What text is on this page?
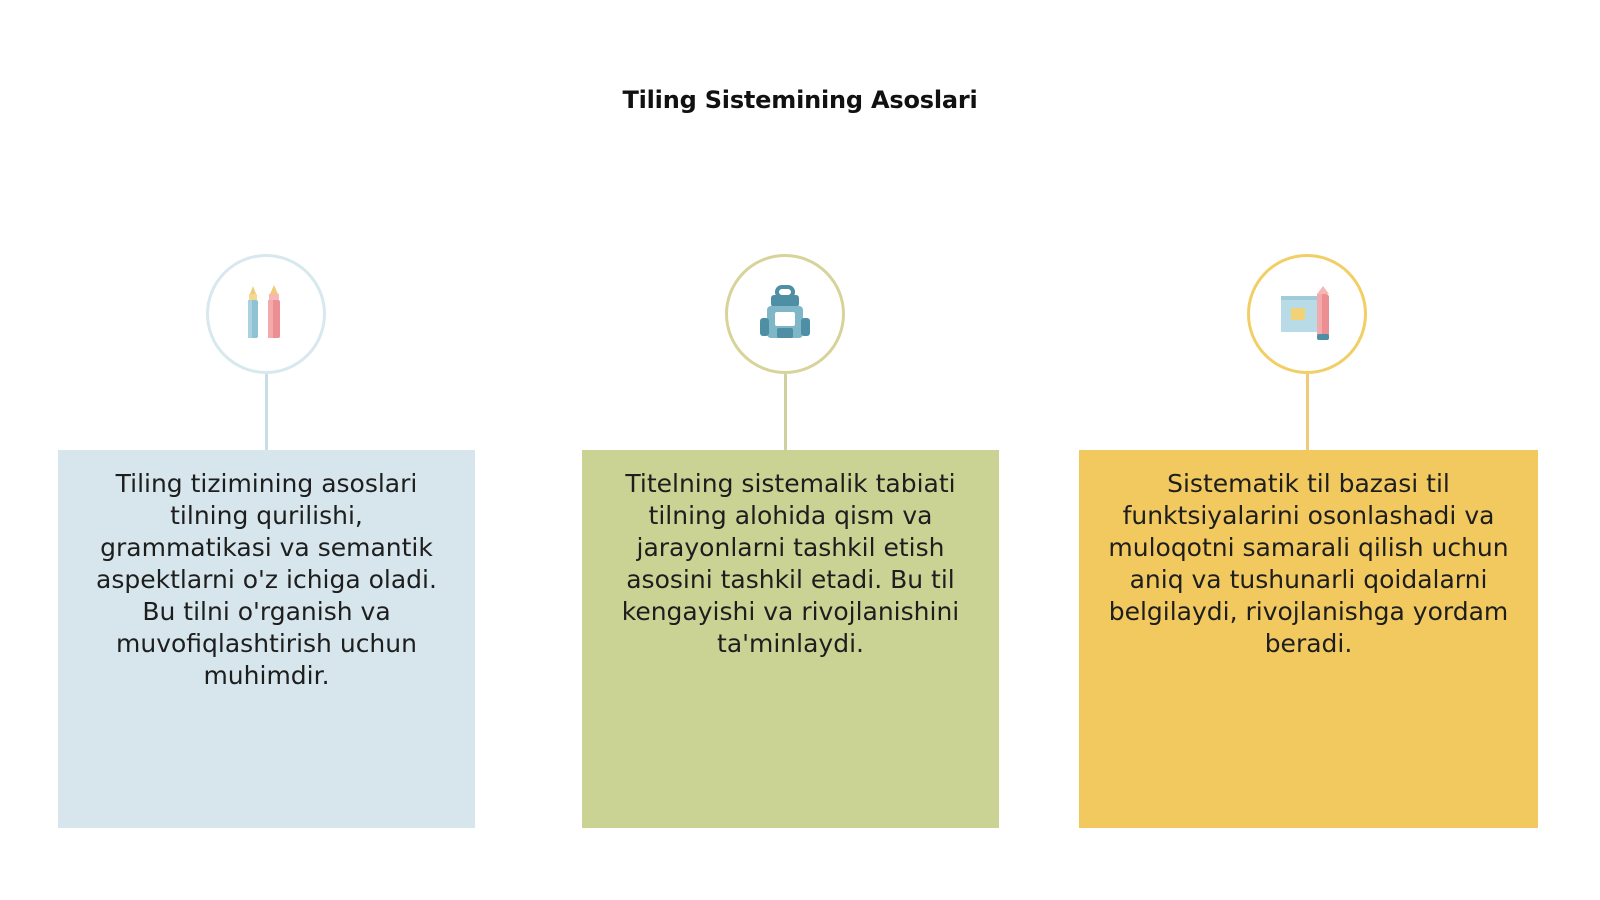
Tiling Sistemining Asoslari
Tiling tizimining asoslari tilning qurilishi, grammatikasi va semantik aspektlarni o'z ichiga oladi. Bu tilni o'rganish va muvofiqlashtirish uchun muhimdir.
Titelning sistemalik tabiati tilning alohida qism va jarayonlarni tashkil etish asosini tashkil etadi. Bu til kengayishi va rivojlanishini ta'minlaydi.
Sistematik til bazasi til funktsiyalarini osonlashadi va muloqotni samarali qilish uchun aniq va tushunarli qoidalarni belgilaydi, rivojlanishga yordam beradi.
